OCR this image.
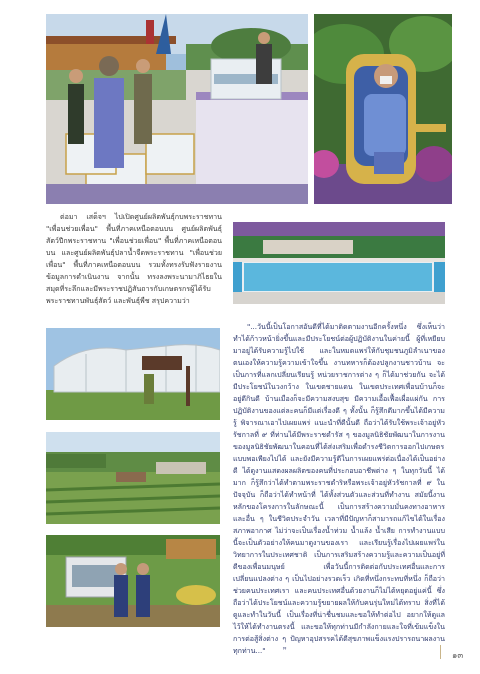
ต่อมา เสด็จฯ ไปเปิดศูนย์ผลิตพันธุ์กบพระราชทาน "เพื่อนช่วยเพื่อน" พื้นที่ภาคเหนือตอนบน ศูนย์ผลิตพันธุ์สัตว์ปีกพระราชทาน "เพื่อนช่วยเพื่อน" พื้นที่ภาคเหนือตอนบน และศูนย์ผลิตพันธุ์ปลาน้ำจืดพระราชทาน "เพื่อนช่วยเพื่อน" พื้นที่ภาคเหนือตอนบน รวมทั้งทรงรับฟังรายงานข้อมูลการดำเนินงาน จากนั้น ทรงลงพระนามาภิไธยในสมุดที่ระลึกและมีพระราชปฏิสันถารกับเกษตรกรผู้ได้รับพระราชทานพันธุ์สัตว์ และพันธุ์พืช สรุปความว่า
"...วันนี้เป็นโอกาสอันดีที่ได้มาติดตามงานอีกครั้งหนึ่ง ซึ่งเห็นว่าทำได้ก้าวหน้ายิ่งขึ้นและมีประโยชน์ต่อผู้ปฏิบัติงานในค่ายนี้ ผู้ที่เหยียบมาอยู่ได้รับความรู้ไปใช้ และในหมดแพร่ให้กับชุมชนภูมิลำเนาของตนเองให้ความรู้ความเข้าใจขึ้น งานทหารก็ต้องปลูกงานชาวบ้าน จะเป็นการที่แลกเปลี่ยนเรียนรู้ หน่วยราชการต่าง ๆ ก็ได้มาช่วยกัน จะได้มีประโยชน์ในวงกว้าง ในเขตชายแดน ในเขตประเทศเพื่อนบ้านก็จะอยู่ดีกินดี บ้านเมืองก็จะมีความสงบสุข มีความเอื้อเฟื้อเผื่อแผ่กัน การปฏิบัติงานของแต่ละคนก็มีแต่เรื่องดี ๆ ทั้งนั้น ก็รู้สึกดีมากขึ้นได้มีความรู้ พิจารณาเอาไปเผยแพร่ แนะนำที่ดีนั้นดี ถือว่าได้รับใช้พระเจ้าอยู่หัวรัชกาลที่ ๙ ที่ท่านได้มีพระราชดำรัส ๆ ของมูลนิธิชัยพัฒนาในการงานของมูลนิธิชัยพัฒนาในคอนที่ได้ส่งเสริมเพื่อดำรงชีวิตการออกไปเกษตรแบบพอเพียงไปได้ และยังมีความรู้ดีในการเผยแพร่ต่อเนื่องได้เป็นอย่างดี ได้ดูงานแสดงผลผลิตของคนที่ประกอบอาชีพต่าง ๆ ในทุกวันนี้ ได้มาก ก็รู้สึกว่าได้ทำตามพระราชดำริหรือพระเจ้าอยู่หัวรัชกาลที่ ๙ ในปัจจุบัน ก็ถือว่าได้ทำหน้าที่ ได้ทั้งส่วนตัวและส่วนที่ทำงาน สมัยนี้งานหลักของโครงการในลักษณะนี้ เป็นการสร้างความมั่นคงทางอาหาร และอื่น ๆ ในชีวิตประจำวัน เวลาที่มีปัญหาก็สามารถแก้ไขได้ในเรื่องสภาพอากาศ ไม่ว่าจะเป็นเรื่องน้ำท่วม น้ำแล้ง น้ำเสีย การทำงานแบบนี้จะเป็นตัวอย่างให้คนมาดูงานของเรา และเรียนรู้เรื่องไปเผยแพร่ในวิทยาการในประเทศชาติ เป็นการเสริมสร้างความรู้และความเป็นอยู่ที่ดีของเพื่อนมนุษย์ เพื่อวันนี้การติดต่อกับประเทศอื่นและการเปลี่ยนแปลงต่าง ๆ เป็นไปอย่างรวดเร็ว เกิดที่หนึ่งกระทบที่หนึ่ง ก็ถือว่าช่วยคนประเทศเรา และคนประเทศอื่นด้วยงานก็ไม่ได้หยุดอยู่แค่นี้ ซึ่งถือว่าได้ประโยชน์และความรู้ขยายผลให้กับคนรุ่นใหม่ได้ทราบ สิ่งที่ได้ดูและทำในวันนี้ เป็นเรื่องที่น่าชื่นชมและขอให้ทำต่อไป อยากให้ดูแลไว้ให้ได้ทำงานตรงนี้ และขอให้ทุกท่านมีกำลังกายและใจที่เข้มแข็งในการต่อสู้สิ่งต่าง ๆ ปัญหาอุปสรรคได้ดีสุขภาพแข็งแรงปรารถนาผลงานทุกท่าน..." ❞
๑๓
